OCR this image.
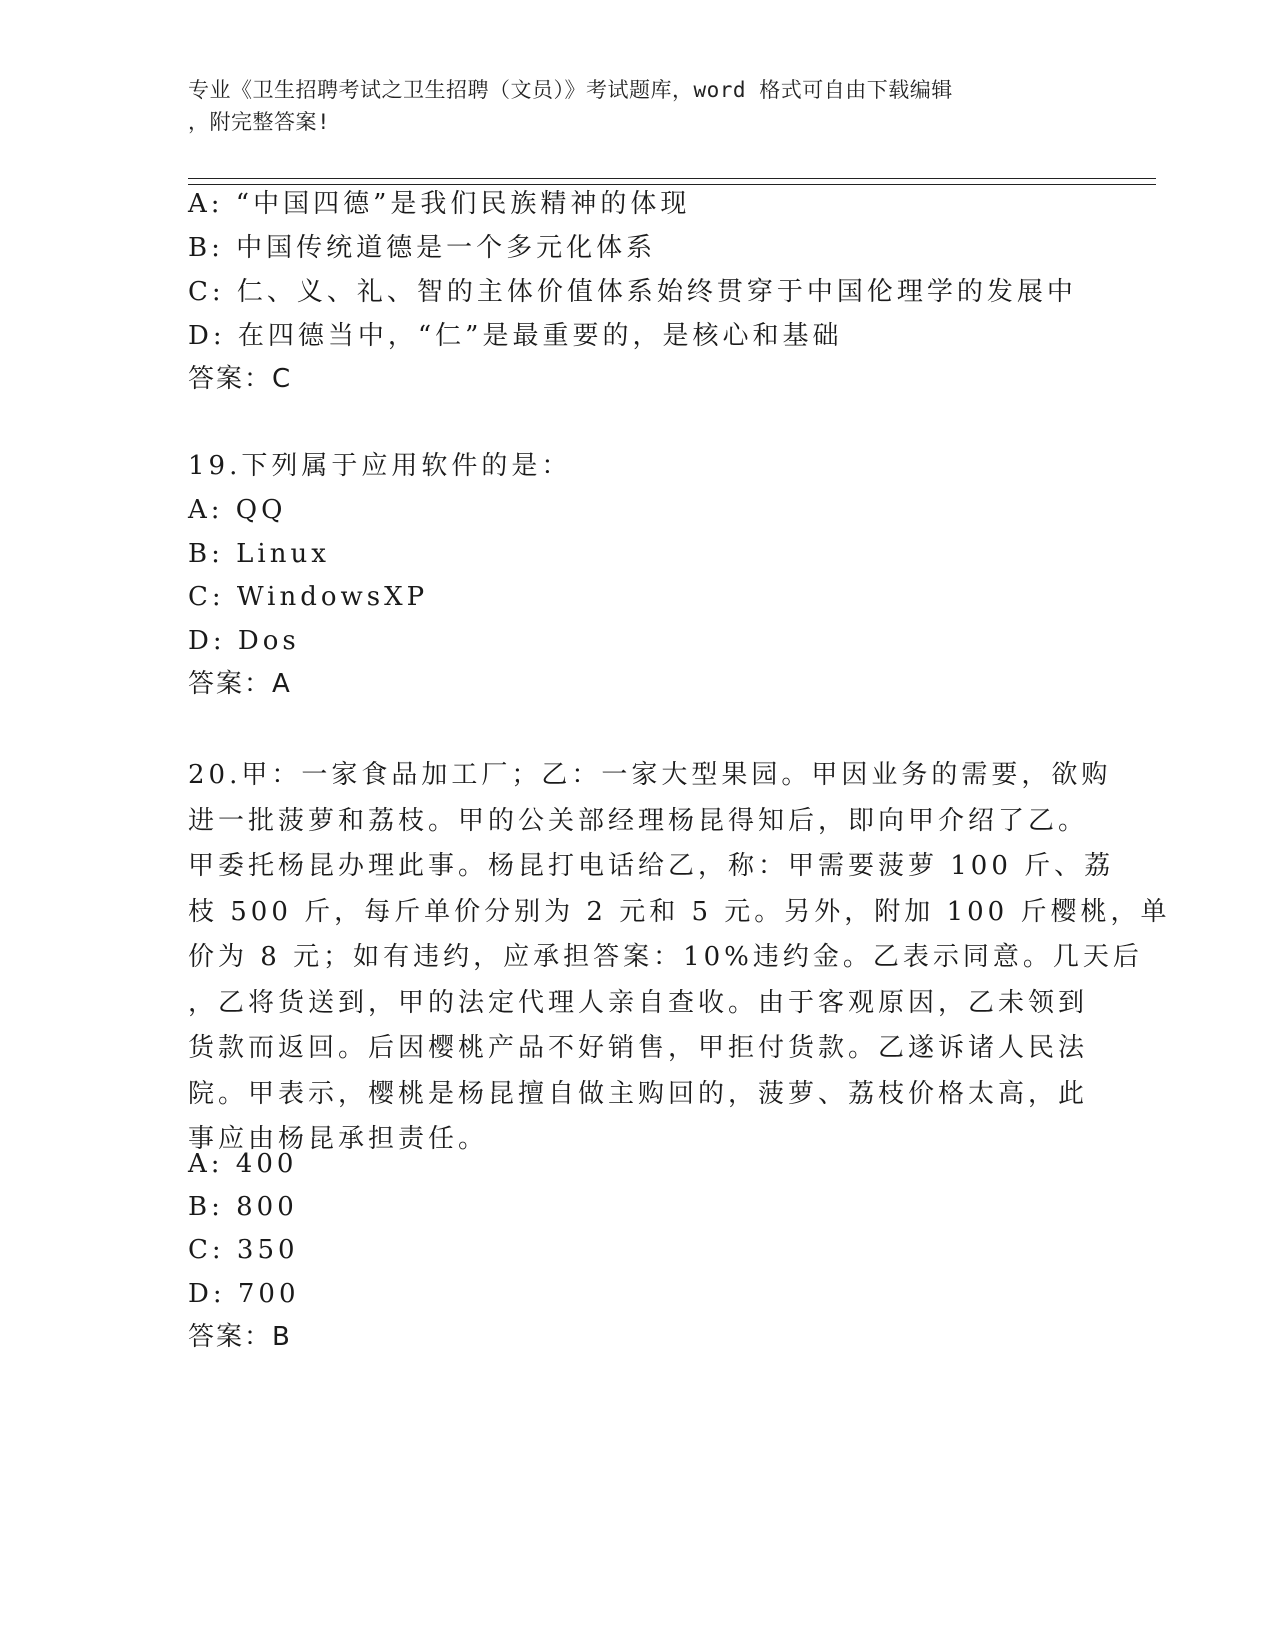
专业《卫生招聘考试之卫生招聘（文员）》考试题库，word 格式可自由下载编辑
，附完整答案!
A: “中国四德”是我们民族精神的体现
B: 中国传统道德是一个多元化体系
C: 仁、义、礼、智的主体价值体系始终贯穿于中国伦理学的发展中
D: 在四德当中，“仁”是最重要的，是核心和基础
答案：C
19.下列属于应用软件的是：
A: QQ
B: Linux
C: WindowsXP
D: Dos
答案：A
20.甲：一家食品加工厂；乙：一家大型果园。甲因业务的需要，欲购
进一批菠萝和荔枝。甲的公关部经理杨昆得知后，即向甲介绍了乙。
甲委托杨昆办理此事。杨昆打电话给乙，称：甲需要菠萝 100 斤、荔
枝 500 斤，每斤单价分别为 2 元和 5 元。另外，附加 100 斤樱桃，单
价为 8 元；如有违约，应承担答案：10%违约金。乙表示同意。几天后
，乙将货送到，甲的法定代理人亲自查收。由于客观原因，乙未领到
货款而返回。后因樱桃产品不好销售，甲拒付货款。乙遂诉诸人民法
院。甲表示，樱桃是杨昆擅自做主购回的，菠萝、荔枝价格太高，此
事应由杨昆承担责任。
A: 400
B: 800
C: 350
D: 700
答案：B
